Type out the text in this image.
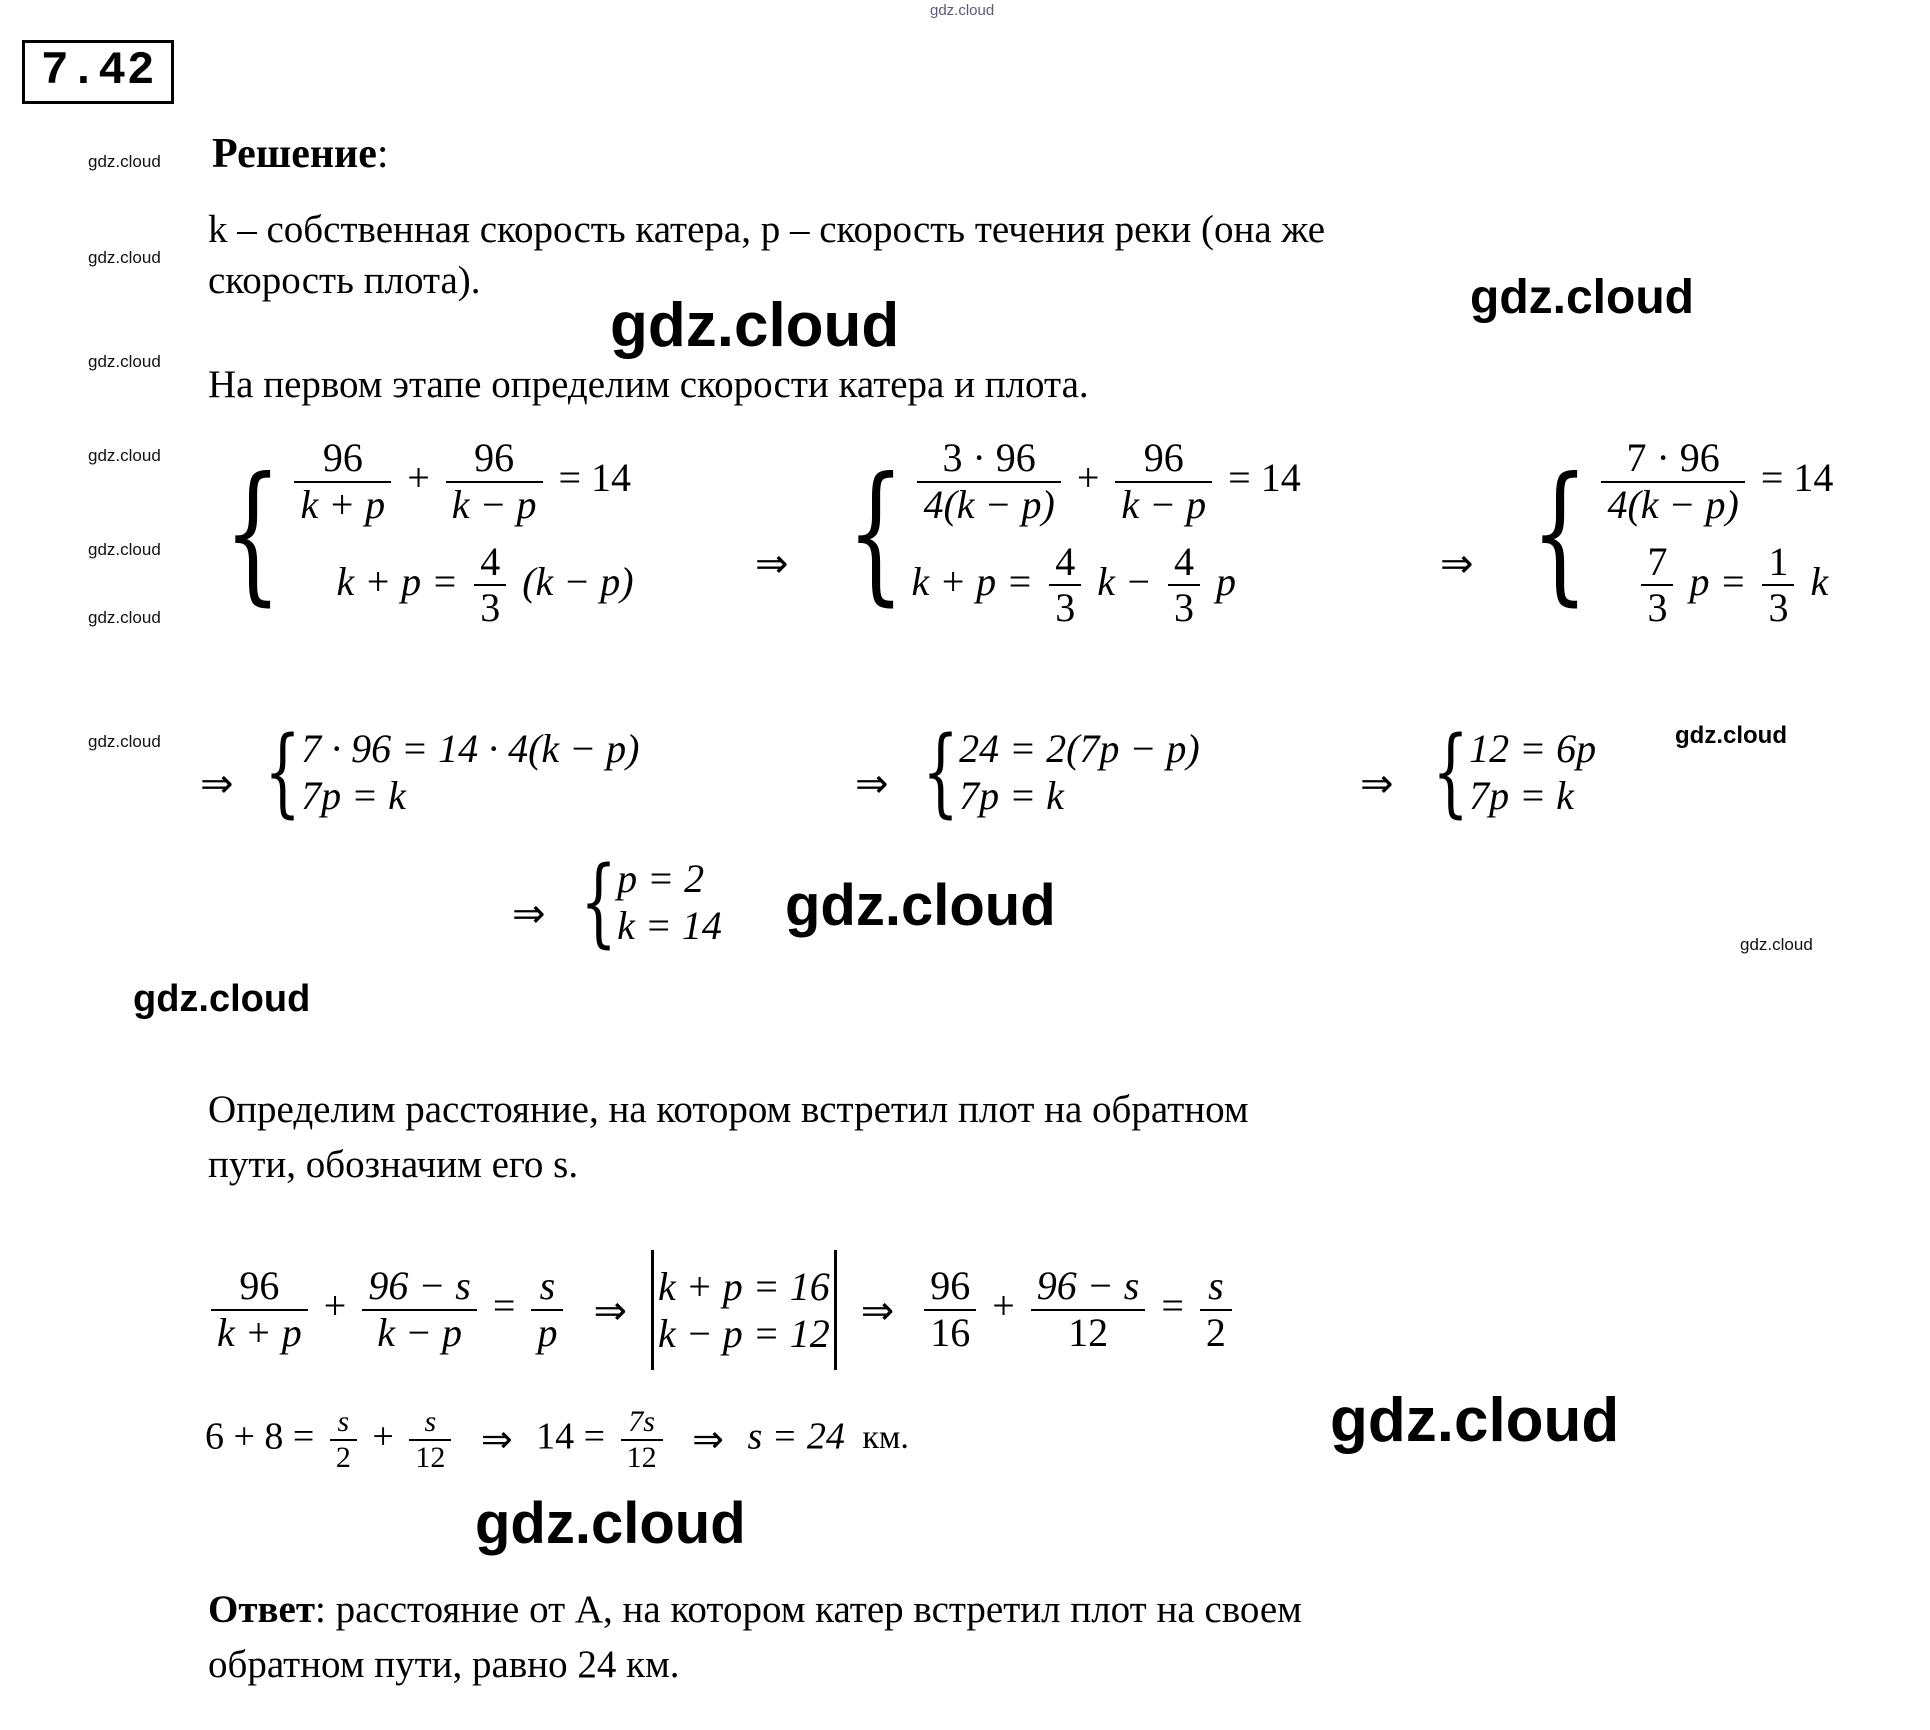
7.42
Решение:
k – собственная скорость катера, p – скорость течения реки (она же
скорость плота).
На первом этапе определим скорости катера и плота.
{ $\frac{96}{k + p} + \frac{96}{k - p} = 14$
$k + p = \frac{4}{3} (k - p)$	⇒ { $\frac{3 \cdot 96}{4(k - p)} + \frac{96}{k - p} = 14$
$k + p = \frac{4}{3}$ $k - \frac{4}{3}$ p	⇒ { $\frac{7 \cdot 96}{4(k - p)} = 14$
$\frac{7}{3}$ $p = \frac{1}{3}$ k
⇒ { 7 · 96 = 14 · 4(k − p)
7p = k	⇒ { 24 = 2(7p − p)
7p = k	⇒ { 12 = 6p
7p = k
⇒ { p = 2
k = 14
Определим расстояние, на котором встретил плот на обратном
пути, обозначим его s.
$\frac{96}{k + p} + \frac{96 - s}{k - p} = \frac{s}{p}$ ⇒
k + p = 16
k − p = 12
⇒ $\frac{96}{16} + \frac{96 - s}{12} = \frac{s}{2}$
$6 + 8 = \frac{s}{2} + \frac{s}{12}$ ⇒ $14 = \frac{7s}{12}$ ⇒ s = 24 км.
Ответ: расстояние от А, на котором катер встретил плот на своем
обратном пути, равно 24 км.
gdz.cloud
gdz.cloud
gdz.cloud
gdz.cloud
gdz.cloud
gdz.cloud
gdz.cloud
gdz.cloud
gdz.cloud
gdz.cloud
gdz.cloud
gdz.cloud
gdz.cloud
gdz.cloud
gdz.cloud
gdz.cloud
